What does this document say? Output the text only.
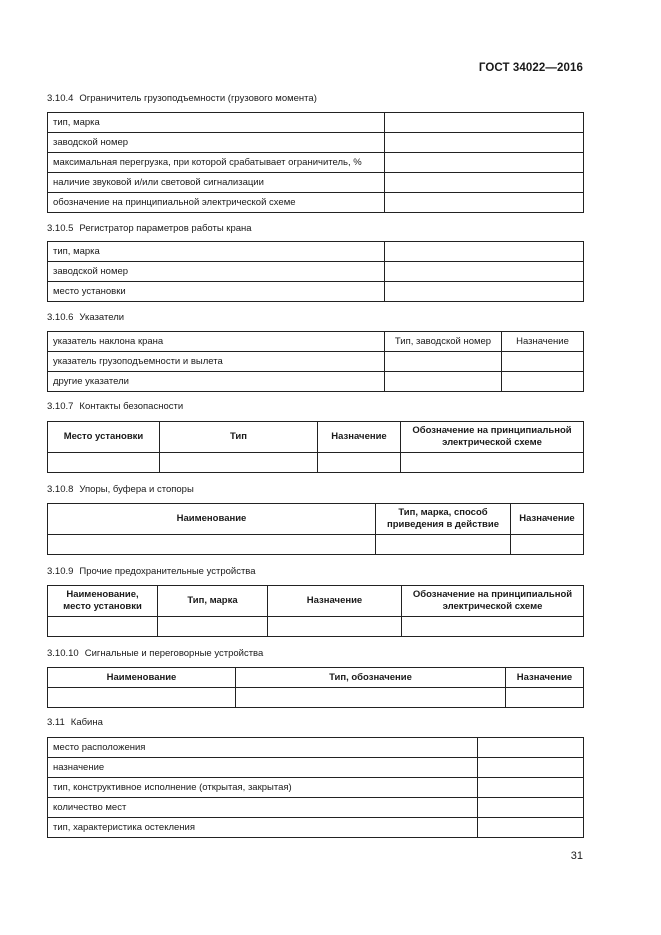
ГОСТ 34022—2016
3.10.4 Ограничитель грузоподъемности (грузового момента)
тип, марка	
заводской номер	
максимальная перегрузка, при которой срабатывает ограничитель, %	
наличие звуковой и/или световой сигнализации	
обозначение на принципиальной электрической схеме	
3.10.5 Регистратор параметров работы крана
тип, марка	
заводской номер	
место установки	
3.10.6 Указатели
указатель наклона крана	Тип, заводской номер	Назначение
указатель грузоподъемности и вылета		
другие указатели		
3.10.7 Контакты безопасности
Место установки	Тип	Назначение	Обозначение на принципиальной электрической схеме

3.10.8 Упоры, буфера и стопоры
Наименование	Тип, марка, способ приведения в действие	Назначение

3.10.9 Прочие предохранительные устройства
Наименование, место установки	Тип, марка	Назначение	Обозначение на принципиальной электрической схеме

3.10.10 Сигнальные и переговорные устройства
Наименование	Тип, обозначение	Назначение

3.11 Кабина
место расположения	
назначение	
тип, конструктивное исполнение (открытая, закрытая)	
количество мест	
тип, характеристика остекления	
31
